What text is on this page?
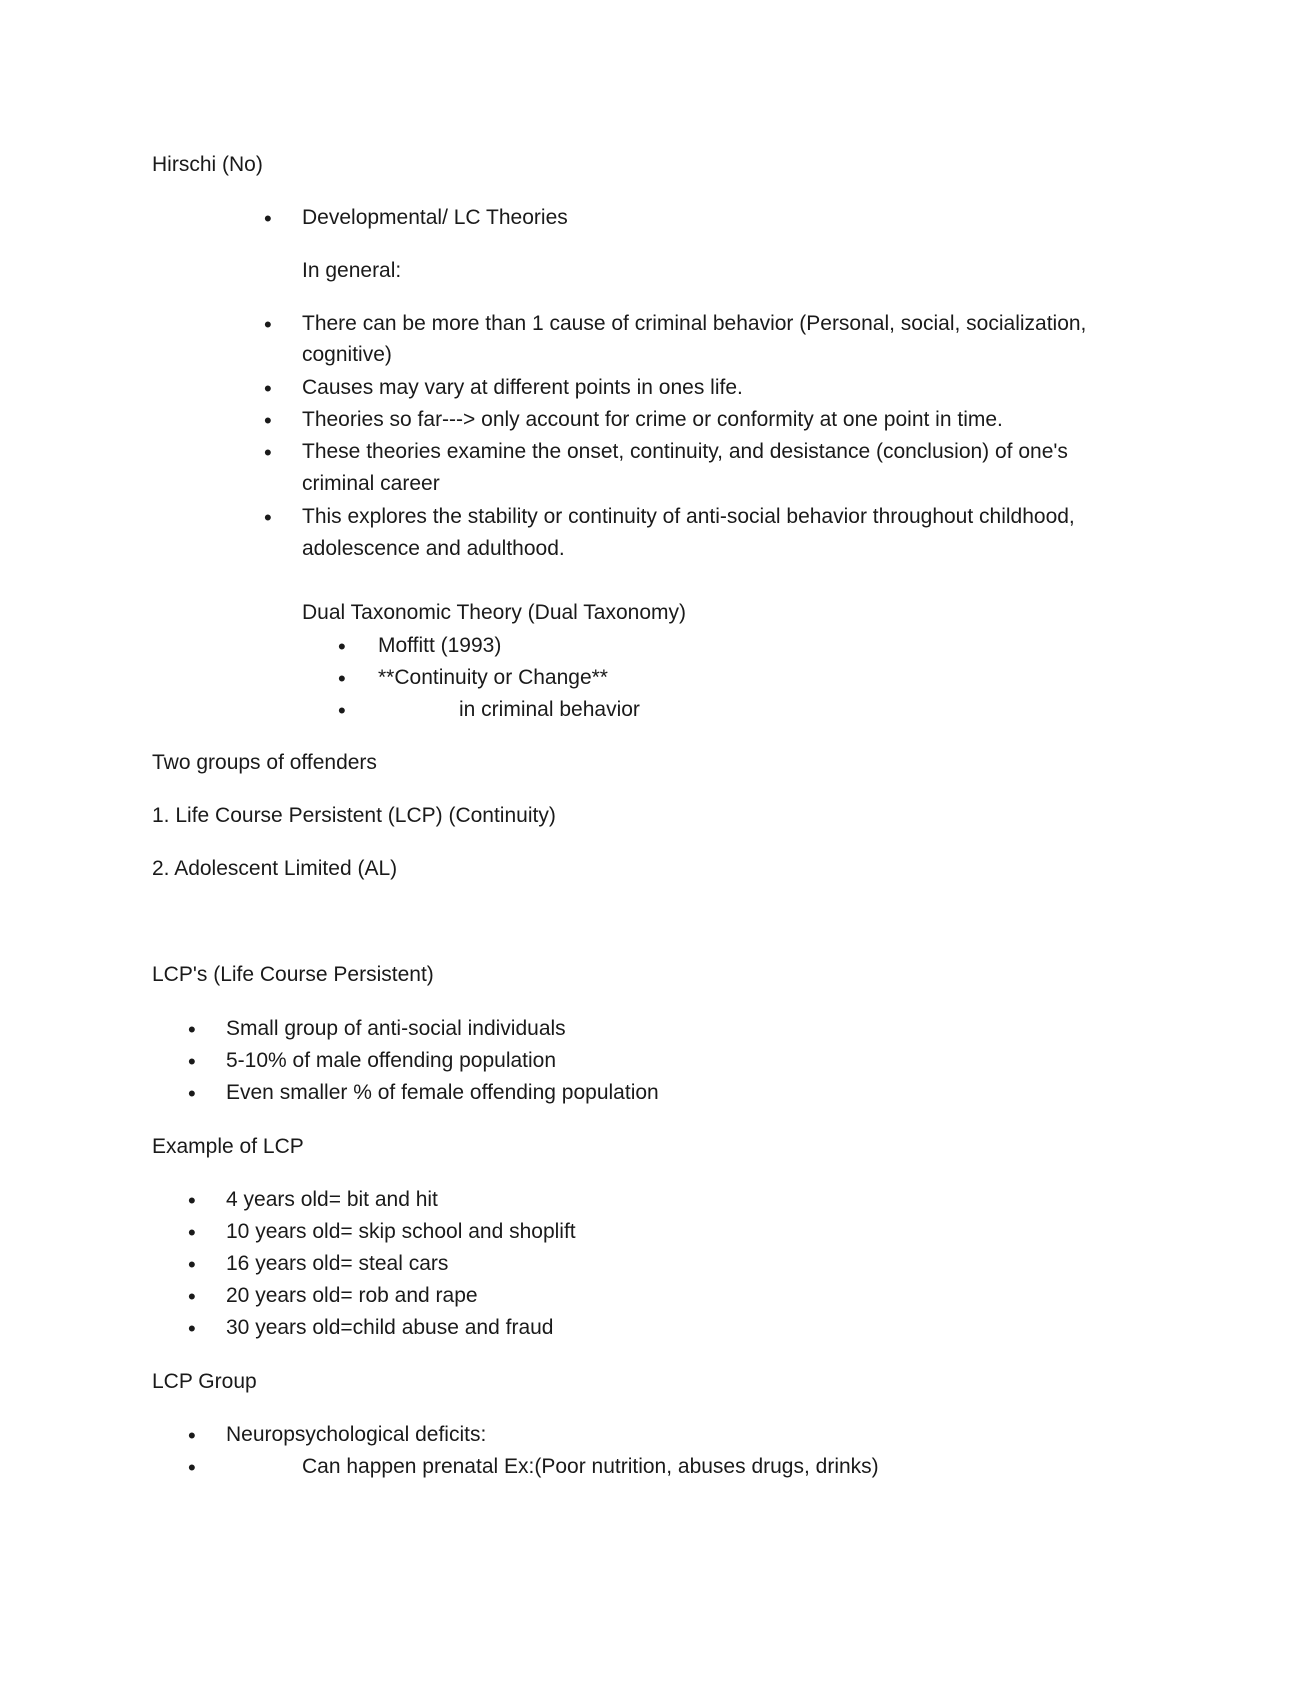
Hirschi (No)
• Developmental/ LC Theories
In general:
• There can be more than 1 cause of criminal behavior (Personal, social, socialization,
cognitive)
• Causes may vary at different points in ones life.
• Theories so far---> only account for crime or conformity at one point in time.
• These theories examine the onset, continuity, and desistance (conclusion) of one's
criminal career
• This explores the stability or continuity of anti-social behavior throughout childhood,
adolescence and adulthood.
Dual Taxonomic Theory (Dual Taxonomy)
• Moffitt (1993)
• **Continuity or Change**
•	in criminal behavior
Two groups of offenders
1. Life Course Persistent (LCP) (Continuity)
2. Adolescent Limited (AL)
LCP's (Life Course Persistent)
• Small group of anti-social individuals
• 5-10% of male offending population
• Even smaller % of female offending population
Example of LCP
• 4 years old= bit and hit
• 10 years old= skip school and shoplift
• 16 years old= steal cars
• 20 years old= rob and rape
• 30 years old=child abuse and fraud
LCP Group
• Neuropsychological deficits:
•	Can happen prenatal Ex:(Poor nutrition, abuses drugs, drinks)
